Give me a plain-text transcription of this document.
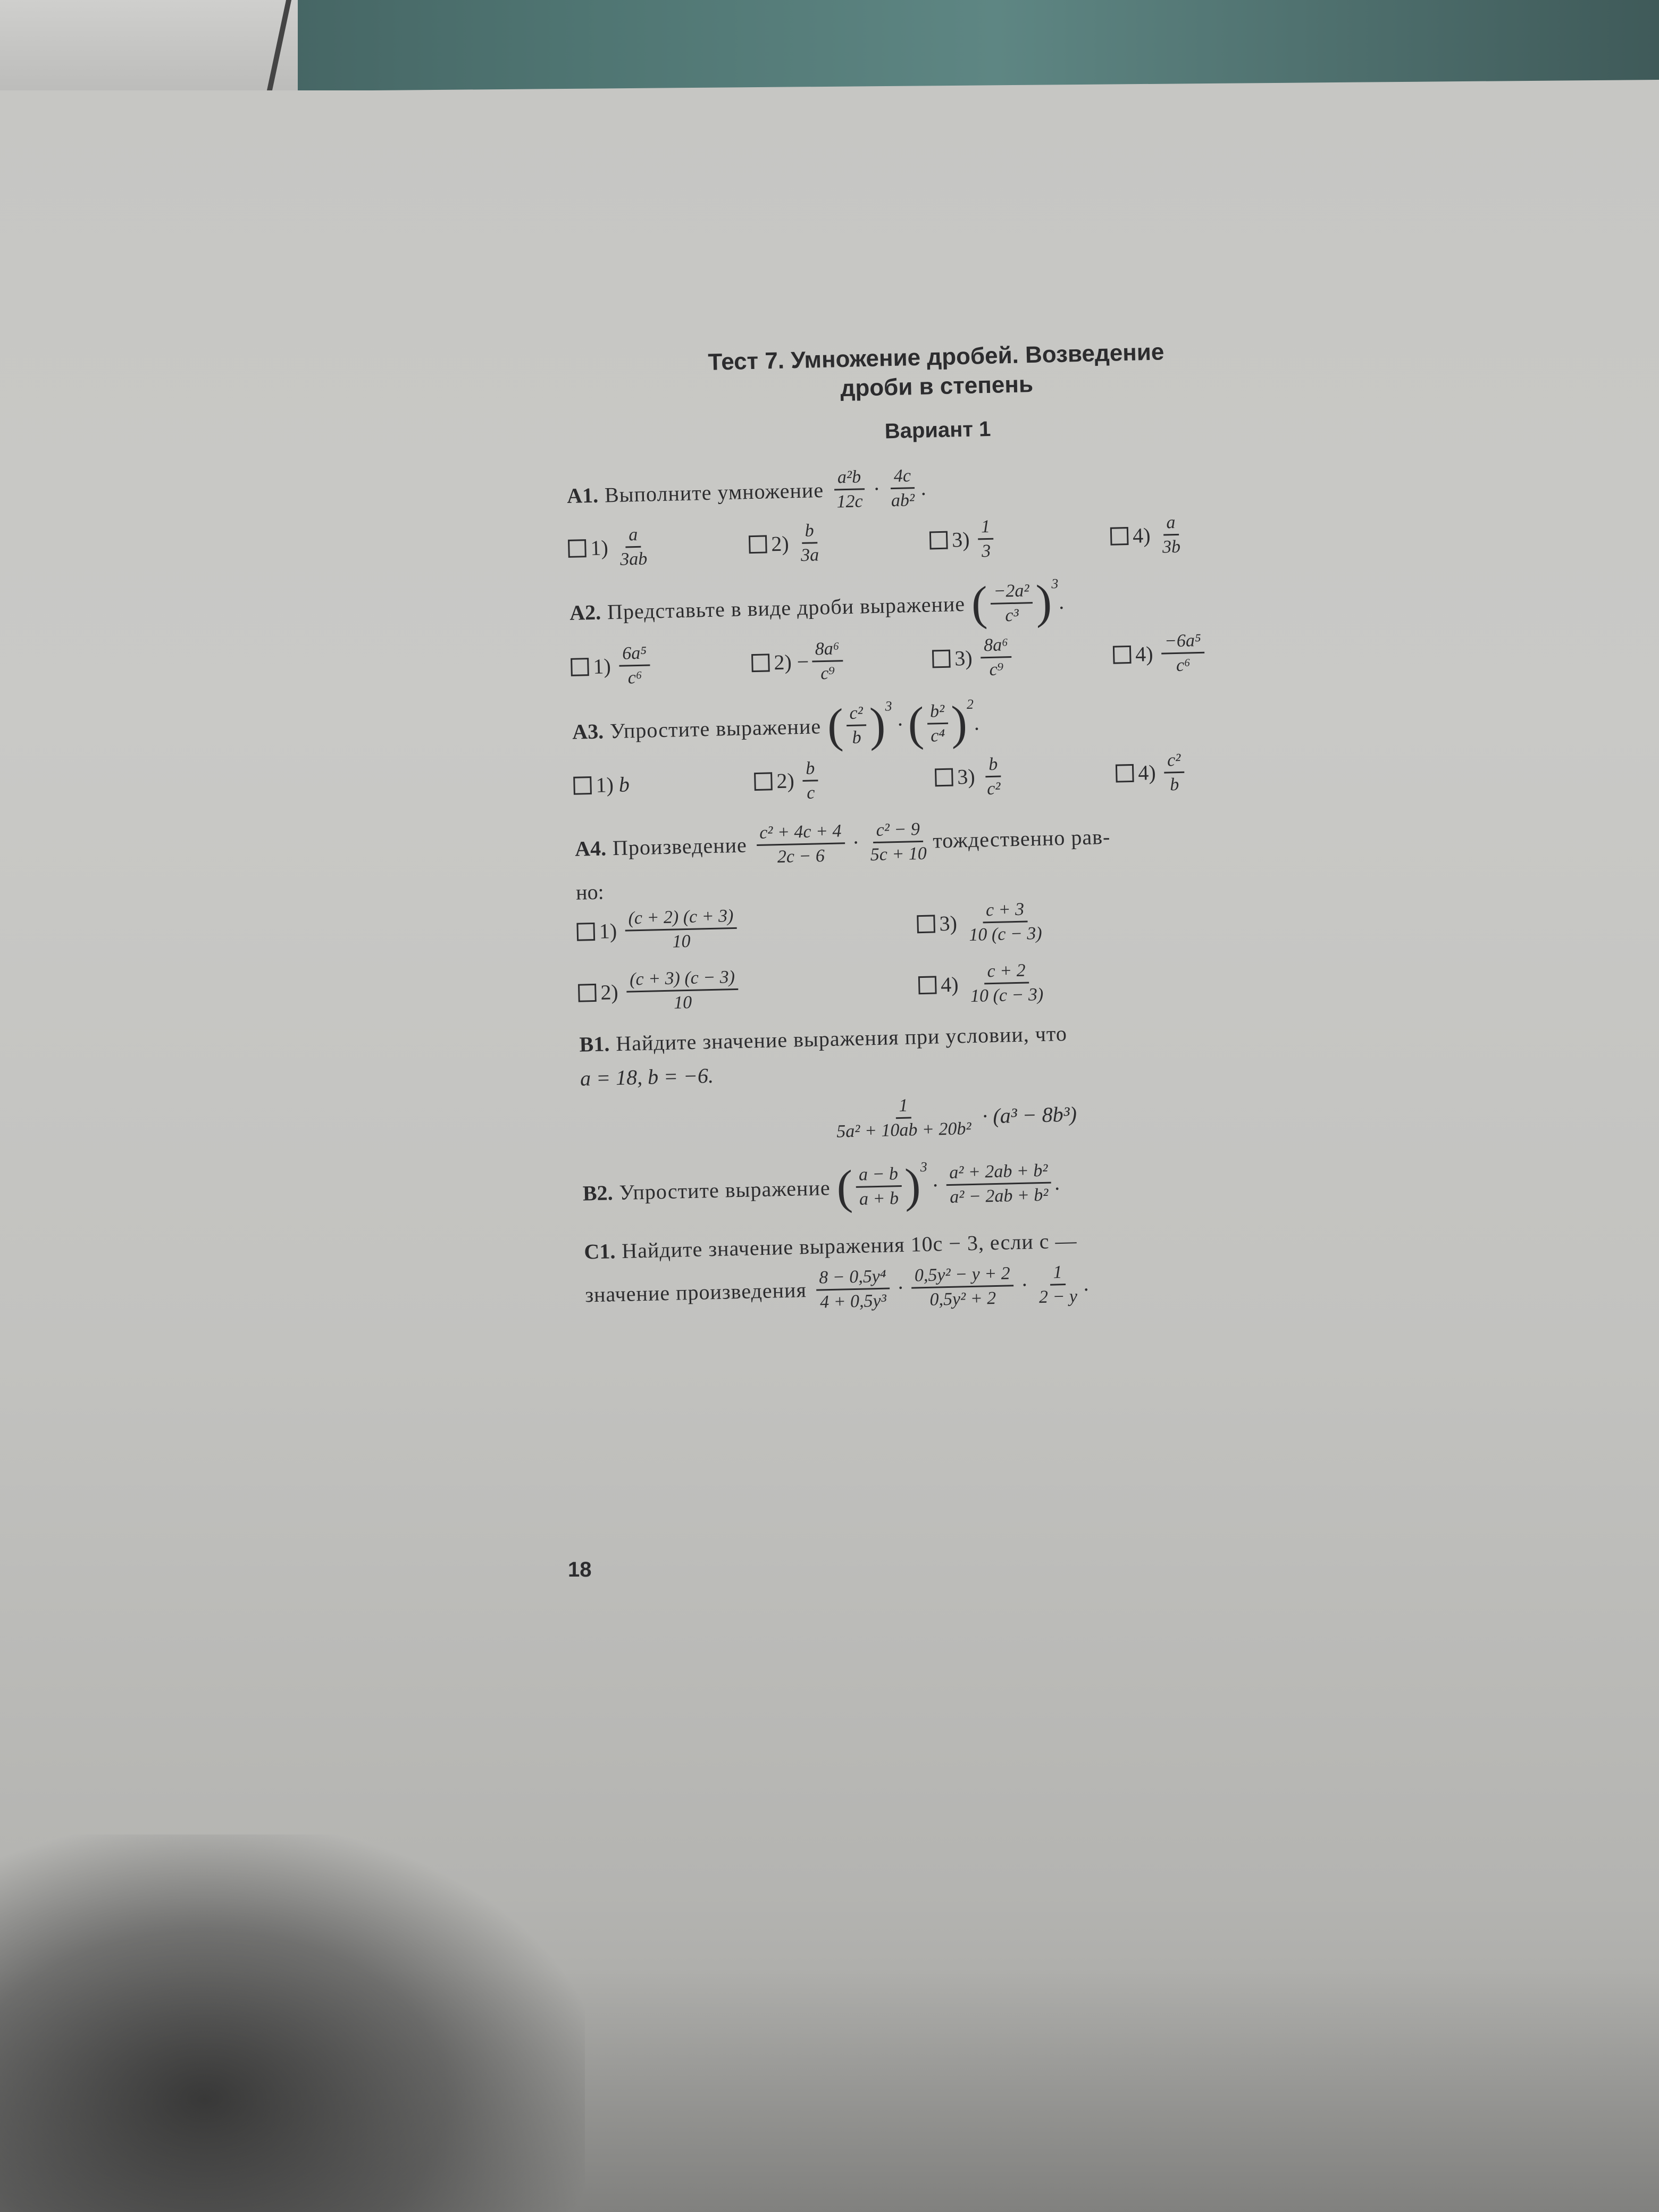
Тест 7. Умножение дробей. Возведение
дроби в степень
Вариант 1
А1. Выполните умножение $\frac{\text{a²b}}{12c} \cdot \frac{4c}{\text{ab²}}$ .
$1) \frac{a}{3ab}$	$2) \frac{b}{3a}$	$3) \frac{1}{3}$	$4) \frac{a}{3b}$
А2. Представьте в виде дроби выражение ( $\frac{\text{−2a²}}{\text{c³}}$ )
3
.
$1) \frac{\text{6a⁵}}{\text{c⁶}}$	$2) - \frac{\text{8a⁶}}{\text{c⁹}}$	$3) \frac{\text{8a⁶}}{\text{c⁹}}$	$4) \frac{\text{−6a⁵}}{\text{c⁶}}$
А3. Упростите выражение ( $\frac{\text{c²}}{b}$ )
3
· ( $\frac{\text{b²}}{\text{c⁴}}$ )
2
.
1) b	$2) \frac{b}{c}$	$3) \frac{b}{\text{c²}}$	$4) \frac{\text{c²}}{b}$
А4. Произведение $\frac{\text{c² + 4c + 4}}{2c - 6} \cdot \frac{\text{c² − 9}}{5c + 10}$ тождественно рав-
но:
$1) \frac{(c + 2) (c + 3)}{10}$	$3) \frac{c + 3}{10 (c - 3)}$
$2) \frac{(c + 3) (c - 3)}{10}$	$4) \frac{c + 2}{10 (c - 3)}$
B1. Найдите значение выражения при условии, что
a = 18, b = −6.
$\frac{1}{\text{5a² + 10ab + 20b²}} \cdot (a^3 - 8b^3)$
B2. Упростите выражение ( $\frac{a - b}{a + b}$ )
3
· $\frac{\text{a² + 2ab + b²}}{\text{a² − 2ab + b²}}$ .
C1. Найдите значение выражения 10c − 3, если c —
значение произведения $\frac{\text{8 − 0,5y⁴}}{\text{4 + 0,5y³}} \cdot \frac{\text{0,5y² − y + 2}}{\text{0,5y² + 2}} \cdot \frac{1}{2 - y}$ .
18
